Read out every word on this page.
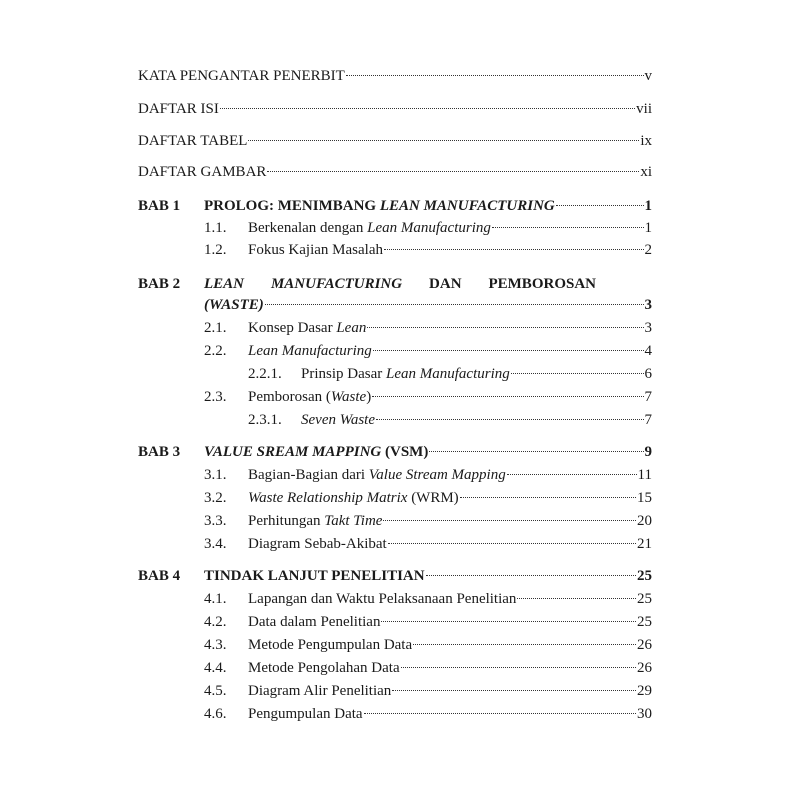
KATA PENGANTAR PENERBIT	v
DAFTAR ISI	vii
DAFTAR TABEL	ix
DAFTAR GAMBAR	xi
BAB 1	PROLOG: MENIMBANG LEAN MANUFACTURING	1
1.1.	Berkenalan dengan Lean Manufacturing	1
1.2.	Fokus Kajian Masalah	2
BAB 2 LEAN MANUFACTURING DAN PEMBOROSAN
(WASTE)	3
2.1.	Konsep Dasar Lean	3
2.2.	Lean Manufacturing	4
2.2.1.	Prinsip Dasar Lean Manufacturing	6
2.3.	Pemborosan (Waste)	7
2.3.1.	Seven Waste	7
BAB 3	VALUE SREAM MAPPING (VSM)	9
3.1.	Bagian-Bagian dari Value Stream Mapping	11
3.2.	Waste Relationship Matrix (WRM)	15
3.3.	Perhitungan Takt Time	20
3.4.	Diagram Sebab-Akibat	21
BAB 4	TINDAK LANJUT PENELITIAN	25
4.1.	Lapangan dan Waktu Pelaksanaan Penelitian	25
4.2.	Data dalam Penelitian	25
4.3.	Metode Pengumpulan Data	26
4.4.	Metode Pengolahan Data	26
4.5.	Diagram Alir Penelitian	29
4.6.	Pengumpulan Data	30
